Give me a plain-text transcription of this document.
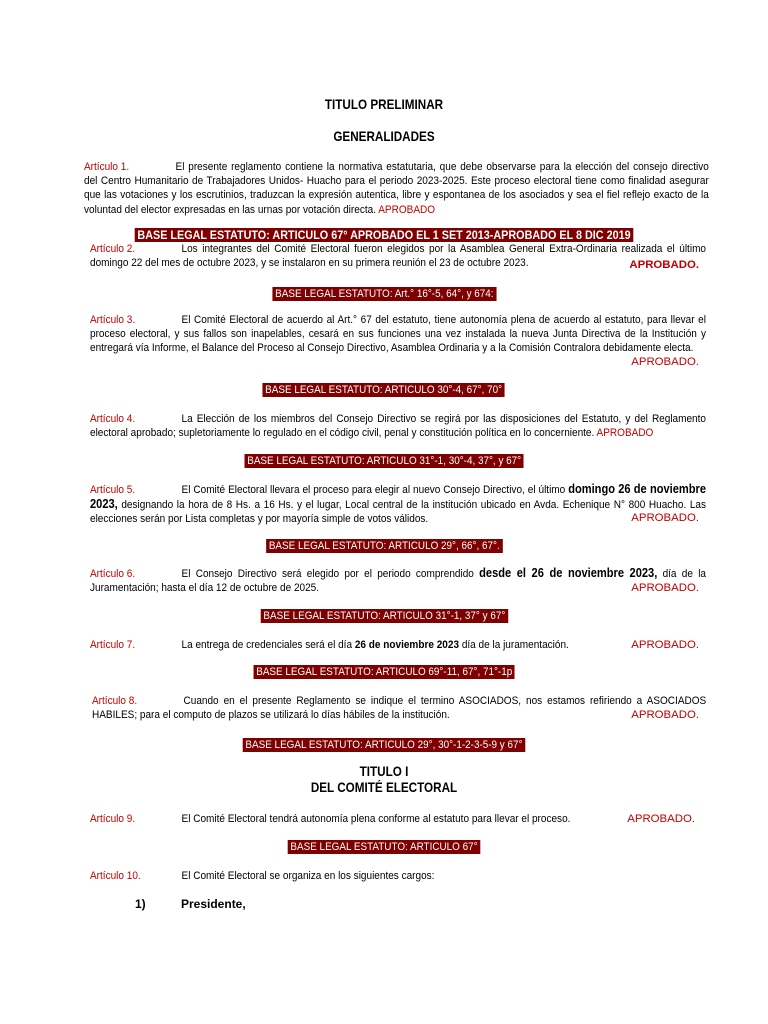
TITULO PRELIMINAR
GENERALIDADES
Artículo 1.	El presente reglamento contiene la normativa estatutaria, que debe observarse para la elección del consejo directivo del Centro Humanitario de Trabajadores Unidos- Huacho para el periodo 2023-2025. Este proceso electoral tiene como finalidad asegurar que las votaciones y los escrutinios, traduzcan la expresión autentica, libre y espontanea de los asociados y sea el fiel reflejo exacto de la voluntad del elector expresadas en las urnas por votación directa. APROBADO
BASE LEGAL ESTATUTO: ARTICULO 67° APROBADO EL 1 SET 2013-APROBADO EL 8 DIC 2019
Artículo 2.	Los integrantes del Comité Electoral fueron elegidos por la Asamblea General Extra-Ordinaria realizada el último domingo 22 del mes de octubre 2023, y se instalaron en su primera reunión el 23 de octubre 2023.	APROBADO.
BASE LEGAL ESTATUTO: Art.° 16°-5, 64°, y 674:
Artículo 3.	El Comité Electoral de acuerdo al Art.° 67 del estatuto, tiene autonomía plena de acuerdo al estatuto, para llevar el proceso electoral, y sus fallos son inapelables, cesará en sus funciones una vez instalada la nueva Junta Directiva de la Institución y entregará vía Informe, el Balance del Proceso al Consejo Directivo, Asamblea Ordinaria y a la Comisión Contralora debidamente electa.
APROBADO.
BASE LEGAL ESTATUTO: ARTICULO 30°-4, 67°, 70°
Artículo 4.	La Elección de los miembros del Consejo Directivo se regirá por las disposiciones del Estatuto, y del Reglamento electoral aprobado; supletoriamente lo regulado en el código civil, penal y constitución política en lo concerniente. APROBADO
BASE LEGAL ESTATUTO: ARTICULO 31°-1, 30°-4, 37°, y 67°
Artículo 5.	El Comité Electoral llevara el proceso para elegir al nuevo Consejo Directivo, el último domingo 26 de noviembre 2023, designando la hora de 8 Hs. a 16 Hs. y el lugar, Local central de la institución ubicado en Avda. Echenique N° 800 Huacho. Las elecciones serán por Lista completas y por mayoría simple de votos válidos.	APROBADO.
BASE LEGAL ESTATUTO: ARTICULO 29°, 66°, 67°.
Artículo 6.	El Consejo Directivo será elegido por el periodo comprendido desde el 26 de noviembre 2023, día de la Juramentación; hasta el día 12 de octubre de 2025.	APROBADO.
BASE LEGAL ESTATUTO: ARTICULO 31°-1, 37° y 67°
Artículo 7.	La entrega de credenciales será el día 26 de noviembre 2023 día de la juramentación.	APROBADO.
BASE LEGAL ESTATUTO: ARTICULO 69°-11, 67°, 71°-1p
Artículo 8.	Cuando en el presente Reglamento se indique el termino ASOCIADOS, nos estamos refiriendo a ASOCIADOS HABILES; para el computo de plazos se utilizará lo días hábiles de la institución.	APROBADO.
BASE LEGAL ESTATUTO: ARTICULO 29°, 30°-1-2-3-5-9 y 67°
TITULO I
DEL COMITÉ ELECTORAL
Artículo 9.	El Comité Electoral tendrá autonomía plena conforme al estatuto para llevar el proceso.	APROBADO.
BASE LEGAL ESTATUTO: ARTICULO 67°
Artículo 10.	El Comité Electoral se organiza en los siguientes cargos:
1)	Presidente,
